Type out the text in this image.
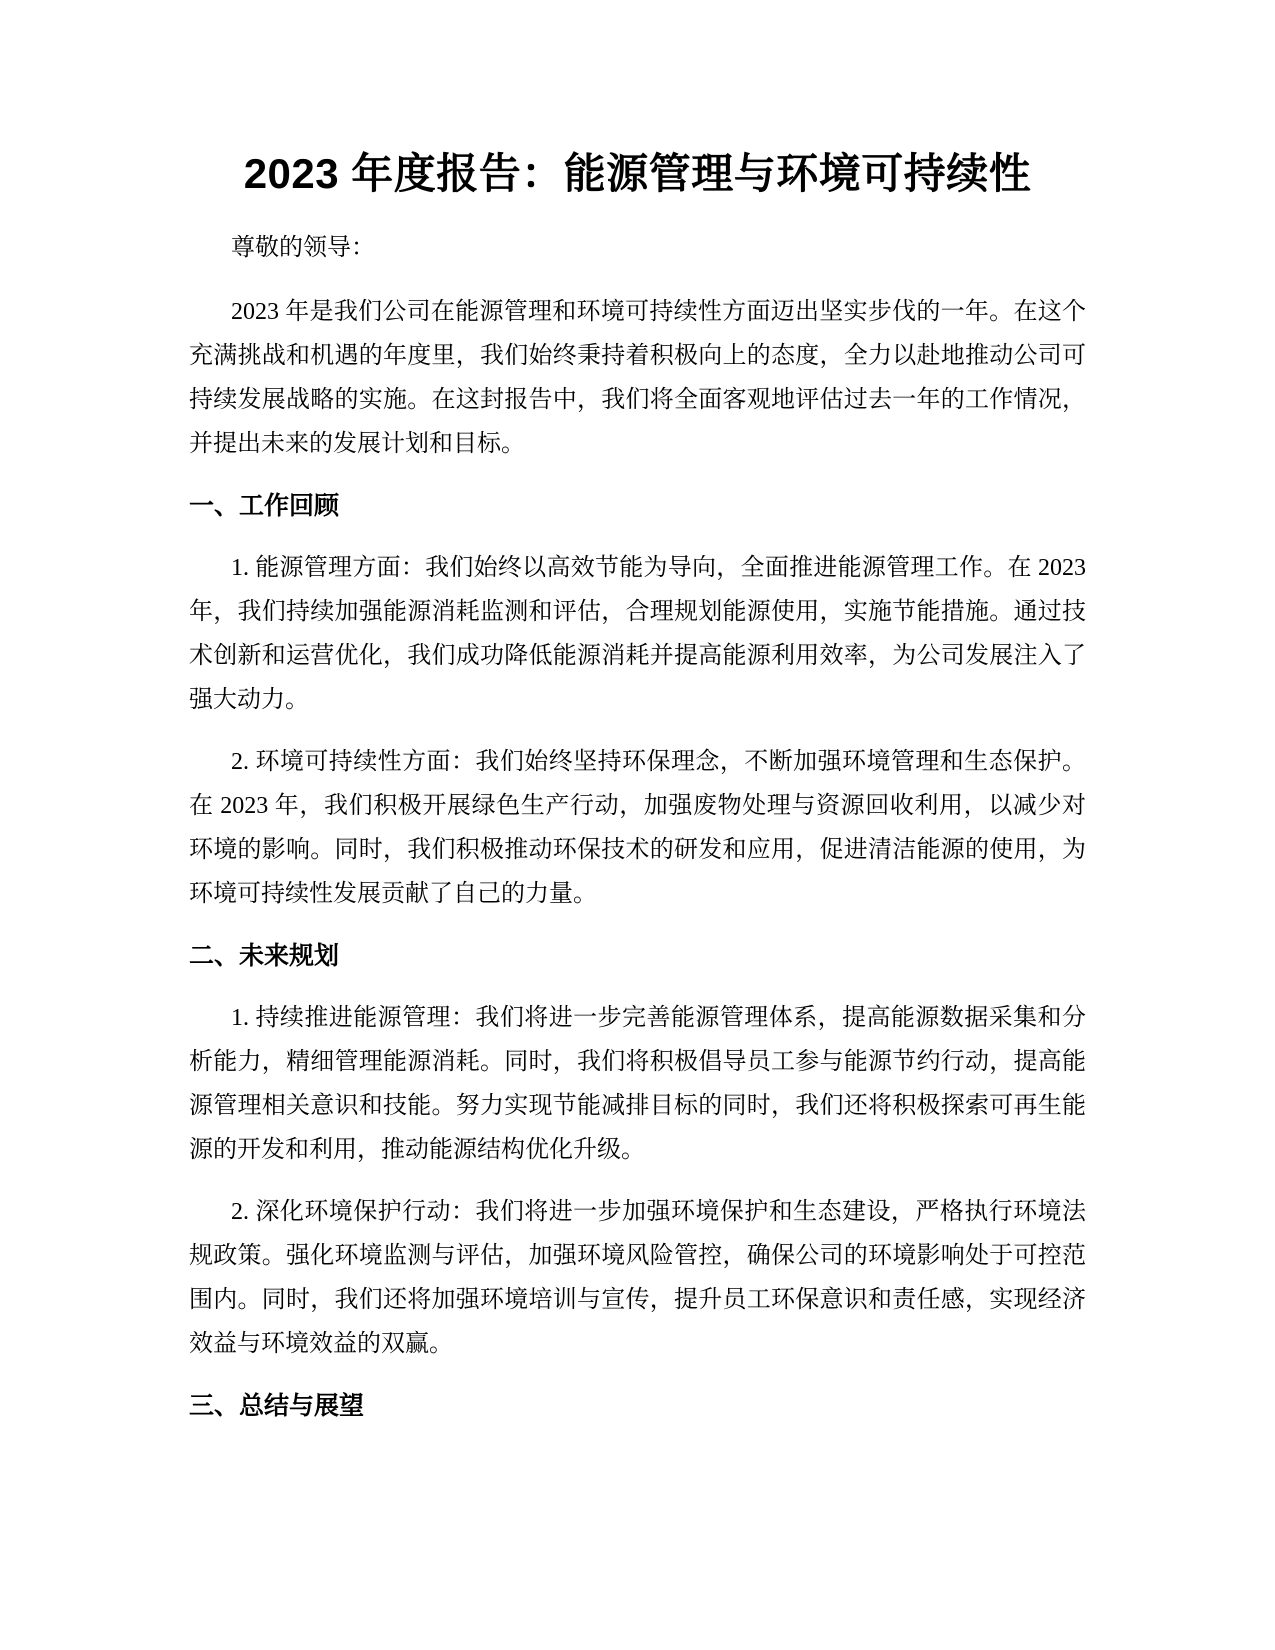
2023 年度报告：能源管理与环境可持续性

尊敬的领导：

2023 年是我们公司在能源管理和环境可持续性方面迈出坚实步伐的一年。在这个充满挑战和机遇的年度里，我们始终秉持着积极向上的态度，全力以赴地推动公司可持续发展战略的实施。在这封报告中，我们将全面客观地评估过去一年的工作情况，并提出未来的发展计划和目标。

一、工作回顾

1. 能源管理方面：我们始终以高效节能为导向，全面推进能源管理工作。在 2023 年，我们持续加强能源消耗监测和评估，合理规划能源使用，实施节能措施。通过技术创新和运营优化，我们成功降低能源消耗并提高能源利用效率，为公司发展注入了强大动力。

2. 环境可持续性方面：我们始终坚持环保理念，不断加强环境管理和生态保护。在 2023 年，我们积极开展绿色生产行动，加强废物处理与资源回收利用，以减少对环境的影响。同时，我们积极推动环保技术的研发和应用，促进清洁能源的使用，为环境可持续性发展贡献了自己的力量。

二、未来规划

1. 持续推进能源管理：我们将进一步完善能源管理体系，提高能源数据采集和分析能力，精细管理能源消耗。同时，我们将积极倡导员工参与能源节约行动，提高能源管理相关意识和技能。努力实现节能减排目标的同时，我们还将积极探索可再生能源的开发和利用，推动能源结构优化升级。

2. 深化环境保护行动：我们将进一步加强环境保护和生态建设，严格执行环境法规政策。强化环境监测与评估，加强环境风险管控，确保公司的环境影响处于可控范围内。同时，我们还将加强环境培训与宣传，提升员工环保意识和责任感，实现经济效益与环境效益的双赢。

三、总结与展望
